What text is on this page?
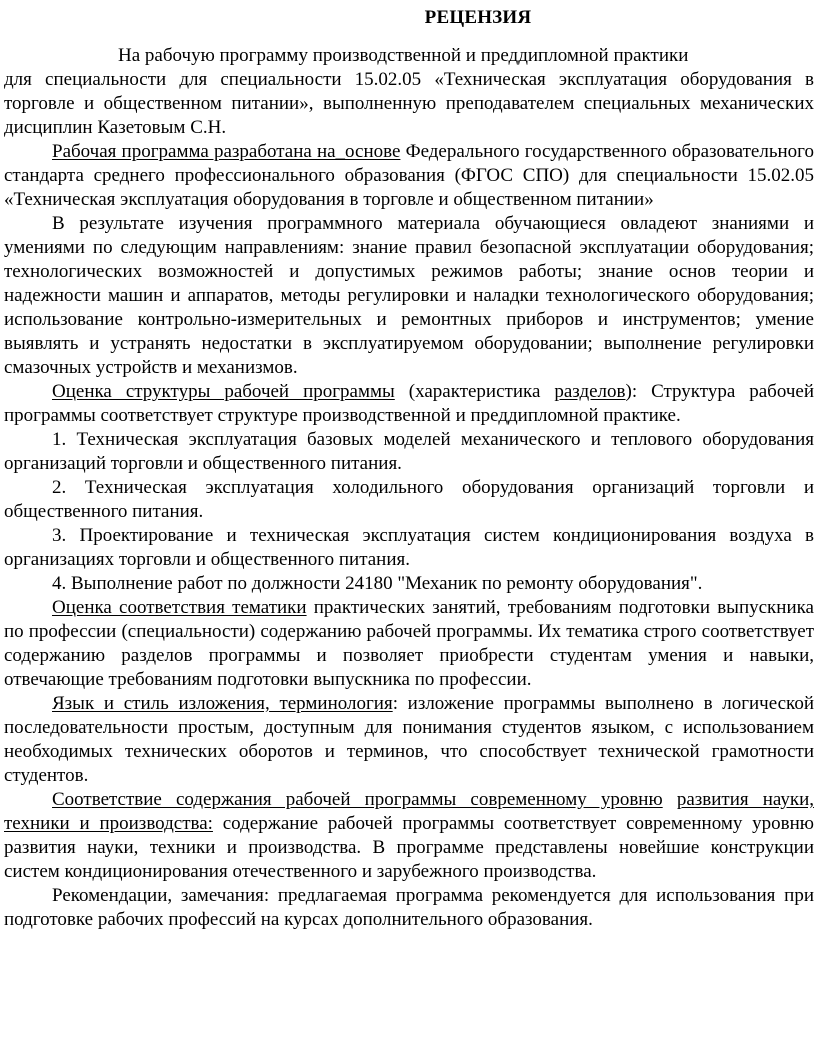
РЕЦЕНЗИЯ

На рабочую программу производственной и преддипломной практики
для специальности для специальности 15.02.05 «Техническая эксплуатация оборудования в торговле и общественном питании», выполненную преподавателем специальных механических дисциплин Казетовым С.Н.

Рабочая программа разработана на_основе Федерального государственного образовательного стандарта среднего профессионального образования (ФГОС СПО) для специальности 15.02.05 «Техническая эксплуатация оборудования в торговле и общественном питании»

В результате изучения программного материала обучающиеся овладеют знаниями и умениями по следующим направлениям: знание правил безопасной эксплуатации оборудования; технологических возможностей и допустимых режимов работы; знание основ теории и надежности машин и аппаратов, методы регулировки и наладки технологического оборудования; использование контрольно-измерительных и ремонтных приборов и инструментов; умение выявлять и устранять недостатки в эксплуатируемом оборудовании; выполнение регулировки смазочных устройств и механизмов.

Оценка структуры рабочей программы (характеристика разделов): Структура рабочей программы соответствует структуре производственной и преддипломной практике.

1. Техническая эксплуатация базовых моделей механического и теплового оборудования организаций торговли и общественного питания.

2. Техническая эксплуатация холодильного оборудования организаций торговли и общественного питания.

3. Проектирование и техническая эксплуатация систем кондиционирования воздуха в организациях торговли и общественного питания.

4. Выполнение работ по должности 24180 "Механик по ремонту оборудования".

Оценка соответствия тематики практических занятий, требованиям подготовки выпускника по профессии (специальности) содержанию рабочей программы. Их тематика строго соответствует содержанию разделов программы и позволяет приобрести студентам умения и навыки, отвечающие требованиям подготовки выпускника по профессии.

Язык и стиль изложения, терминология: изложение программы выполнено в логической последовательности простым, доступным для понимания студентов языком, с использованием необходимых технических оборотов и терминов, что способствует технической грамотности студентов.

Соответствие содержания рабочей программы современному уровню развития науки, техники и производства: содержание рабочей программы соответствует современному уровню развития науки, техники и производства. В программе представлены новейшие конструкции систем кондиционирования отечественного и зарубежного производства.

Рекомендации, замечания: предлагаемая программа рекомендуется для использования при подготовке рабочих профессий на курсах дополнительного образования.
